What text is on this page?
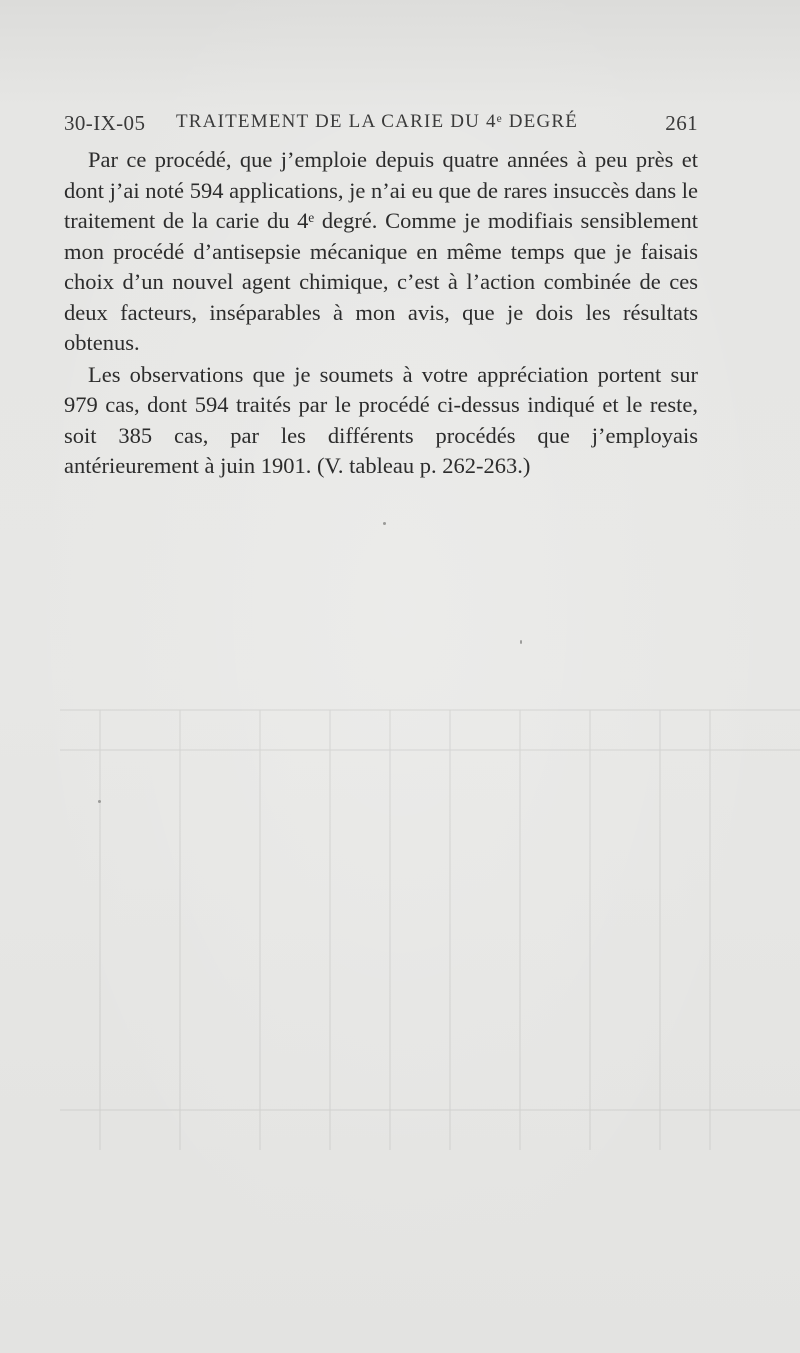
30-IX-05 TRAITEMENT DE LA CARIE DU 4ᵉ DEGRÉ	261

Par ce procédé, que j’emploie depuis quatre années à peu près et dont j’ai noté 594 applications, je n’ai eu que de rares insuccès dans le traitement de la carie du 4ᵉ degré. Comme je modifiais sensiblement mon procédé d’antisepsie mécanique en même temps que je faisais choix d’un nouvel agent chimique, c’est à l’action combinée de ces deux facteurs, inséparables à mon avis, que je dois les résultats obtenus.

Les observations que je soumets à votre appréciation portent sur 979 cas, dont 594 traités par le procédé ci-dessus indiqué et le reste, soit 385 cas, par les différents procédés que j’employais antérieurement à juin 1901. (V. tableau p. 262-263.)
